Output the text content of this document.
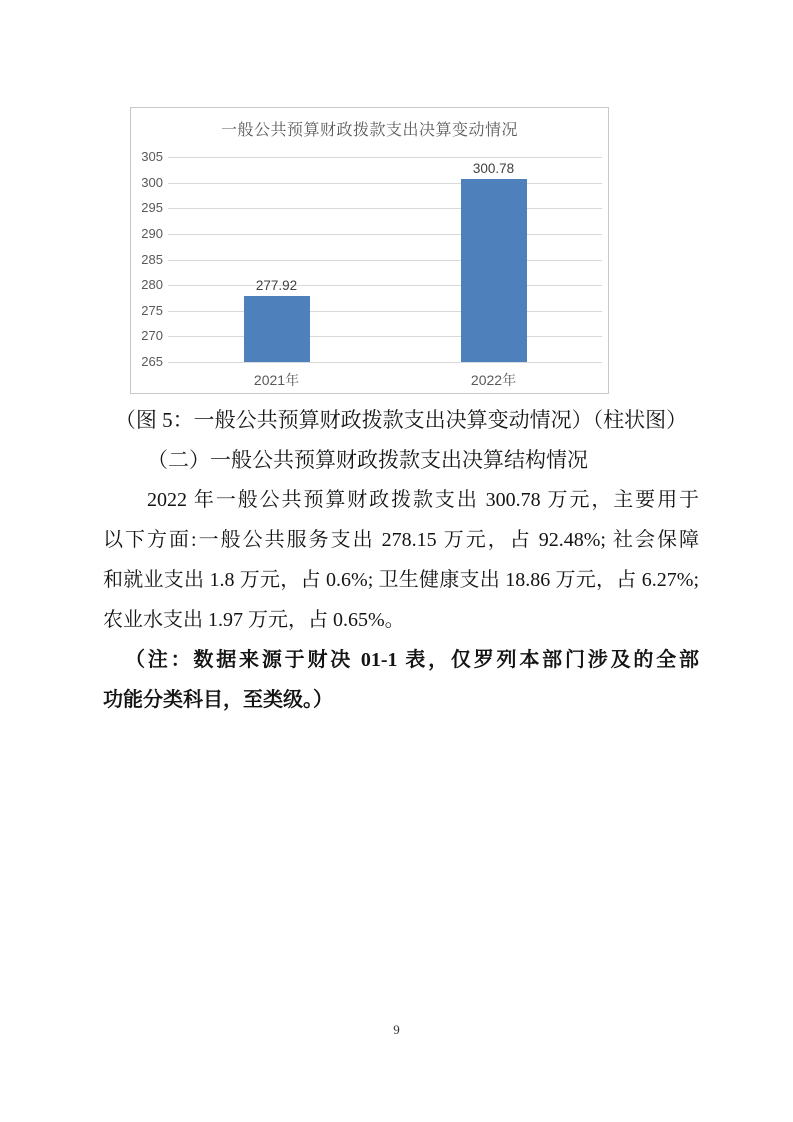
一般公共预算财政拨款支出决算变动情况
305
300
295
290
285
280
275
270
265
277.92
2021年
300.78
2022年
（图 5：一般公共预算财政拨款支出决算变动情况）（柱状图）
（二）一般公共预算财政拨款支出决算结构情况
2022 年一般公共预算财政拨款支出 300.78 万元，主要用于
以下方面:一般公共服务支出 278.15 万元，占 92.48%; 社会保障
和就业支出 1.8 万元，占 0.6%; 卫生健康支出 18.86 万元，占 6.27%;
农业水支出 1.97 万元，占 0.65%。
（注：数据来源于财决 01-1 表，仅罗列本部门涉及的全部
功能分类科目，至类级。）
9
